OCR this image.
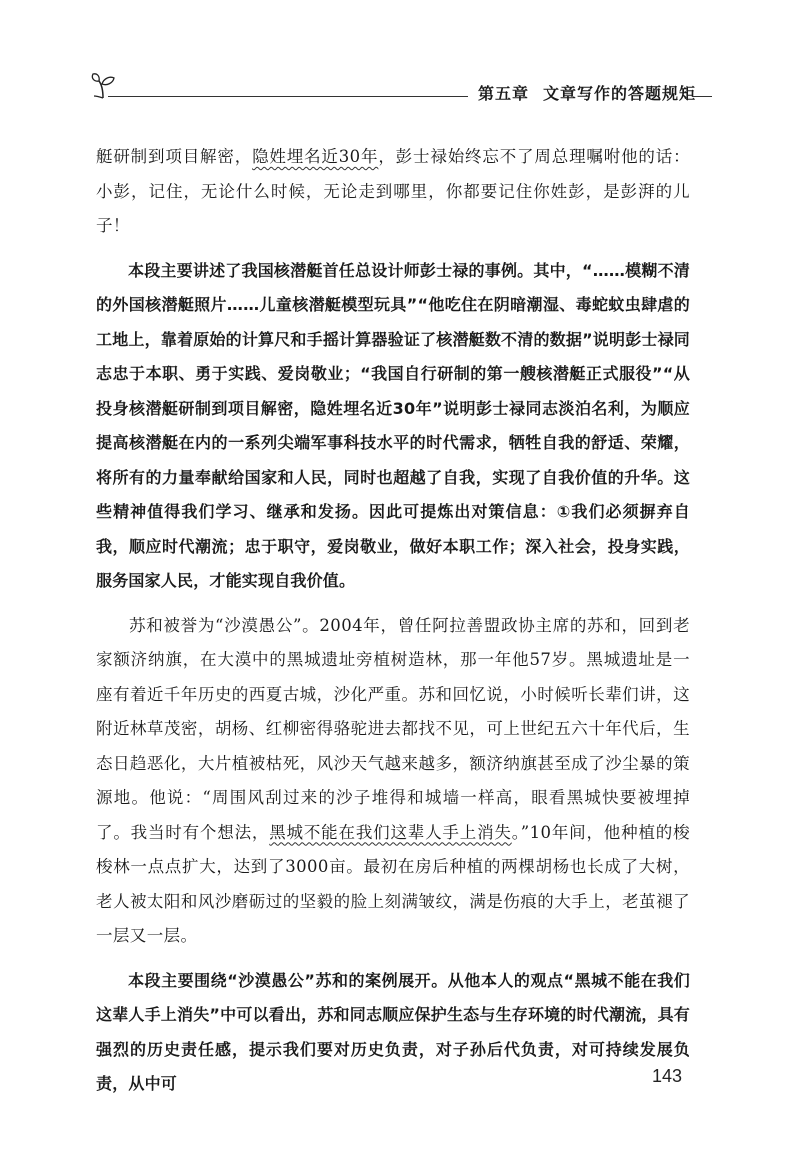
第五章 文章写作的答题规矩

艇研制到项目解密，隐姓埋名近30年，彭士禄始终忘不了周总理嘱咐他的话：小彭，记住，无论什么时候，无论走到哪里，你都要记住你姓彭，是彭湃的儿子！

本段主要讲述了我国核潜艇首任总设计师彭士禄的事例。其中，“……模糊不清的外国核潜艇照片……儿童核潜艇模型玩具”“他吃住在阴暗潮湿、毒蛇蚊虫肆虐的工地上，靠着原始的计算尺和手摇计算器验证了核潜艇数不清的数据”说明彭士禄同志忠于本职、勇于实践、爱岗敬业；“我国自行研制的第一艘核潜艇正式服役”“从投身核潜艇研制到项目解密，隐姓埋名近30年”说明彭士禄同志淡泊名利，为顺应提高核潜艇在内的一系列尖端军事科技水平的时代需求，牺牲自我的舒适、荣耀，将所有的力量奉献给国家和人民，同时也超越了自我，实现了自我价值的升华。这些精神值得我们学习、继承和发扬。因此可提炼出对策信息：①我们必须摒弃自我，顺应时代潮流；忠于职守，爱岗敬业，做好本职工作；深入社会，投身实践，服务国家人民，才能实现自我价值。

苏和被誉为“沙漠愚公”。2004年，曾任阿拉善盟政协主席的苏和，回到老家额济纳旗，在大漠中的黑城遗址旁植树造林，那一年他57岁。黑城遗址是一座有着近千年历史的西夏古城，沙化严重。苏和回忆说，小时候听长辈们讲，这附近林草茂密，胡杨、红柳密得骆驼进去都找不见，可上世纪五六十年代后，生态日趋恶化，大片植被枯死，风沙天气越来越多，额济纳旗甚至成了沙尘暴的策源地。他说：“周围风刮过来的沙子堆得和城墙一样高，眼看黑城快要被埋掉了。我当时有个想法，黑城不能在我们这辈人手上消失。”10年间，他种植的梭梭林一点点扩大，达到了3000亩。最初在房后种植的两棵胡杨也长成了大树，老人被太阳和风沙磨砺过的坚毅的脸上刻满皱纹，满是伤痕的大手上，老茧褪了一层又一层。

本段主要围绕“沙漠愚公”苏和的案例展开。从他本人的观点“黑城不能在我们这辈人手上消失”中可以看出，苏和同志顺应保护生态与生存环境的时代潮流，具有强烈的历史责任感，提示我们要对历史负责，对子孙后代负责，对可持续发展负责，从中可	143
